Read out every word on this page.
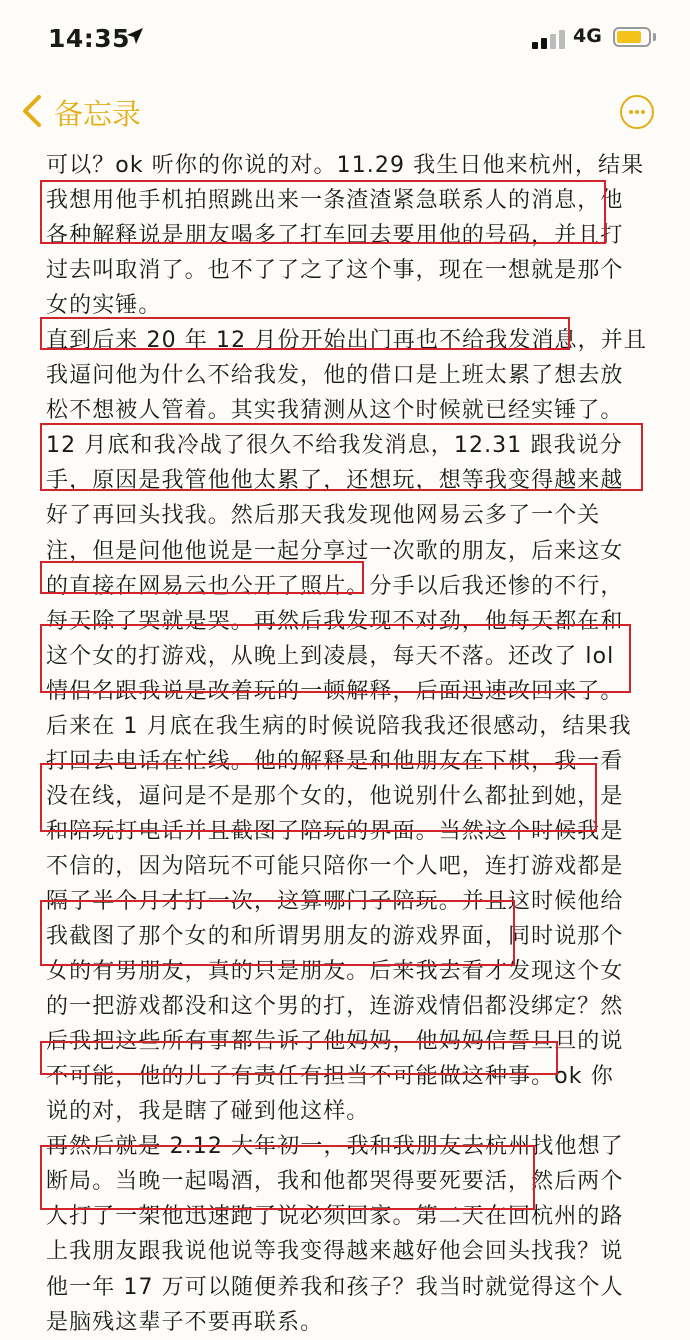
14:35	4G
备忘录
可以？ok 听你的你说的对。11.29 我生日他来杭州，结果
我想用他手机拍照跳出来一条渣渣紧急联系人的消息，他
各种解释说是朋友喝多了打车回去要用他的号码，并且打
过去叫取消了。也不了了之了这个事，现在一想就是那个
女的实锤。
直到后来 20 年 12 月份开始出门再也不给我发消息，并且
我逼问他为什么不给我发，他的借口是上班太累了想去放
松不想被人管着。其实我猜测从这个时候就已经实锤了。
12 月底和我冷战了很久不给我发消息，12.31 跟我说分
手，原因是我管他他太累了，还想玩，想等我变得越来越
好了再回头找我。然后那天我发现他网易云多了一个关
注，但是问他他说是一起分享过一次歌的朋友，后来这女
的直接在网易云也公开了照片。分手以后我还惨的不行，
每天除了哭就是哭。再然后我发现不对劲，他每天都在和
这个女的打游戏，从晚上到凌晨，每天不落。还改了 lol
情侣名跟我说是改着玩的一顿解释，后面迅速改回来了。
后来在 1 月底在我生病的时候说陪我我还很感动，结果我
打回去电话在忙线。他的解释是和他朋友在下棋，我一看
没在线，逼问是不是那个女的，他说别什么都扯到她，是
和陪玩打电话并且截图了陪玩的界面。当然这个时候我是
不信的，因为陪玩不可能只陪你一个人吧，连打游戏都是
隔了半个月才打一次，这算哪门子陪玩。并且这时候他给
我截图了那个女的和所谓男朋友的游戏界面，同时说那个
女的有男朋友，真的只是朋友。后来我去看才发现这个女
的一把游戏都没和这个男的打，连游戏情侣都没绑定？然
后我把这些所有事都告诉了他妈妈，他妈妈信誓旦旦的说
不可能，他的儿子有责任有担当不可能做这种事。ok 你
说的对，我是瞎了碰到他这样。
再然后就是 2.12 大年初一，我和我朋友去杭州找他想了
断局。当晚一起喝酒，我和他都哭得要死要活，然后两个
人打了一架他迅速跑了说必须回家。第二天在回杭州的路
上我朋友跟我说他说等我变得越来越好他会回头找我？说
他一年 17 万可以随便养我和孩子？我当时就觉得这个人
是脑残这辈子不要再联系。
